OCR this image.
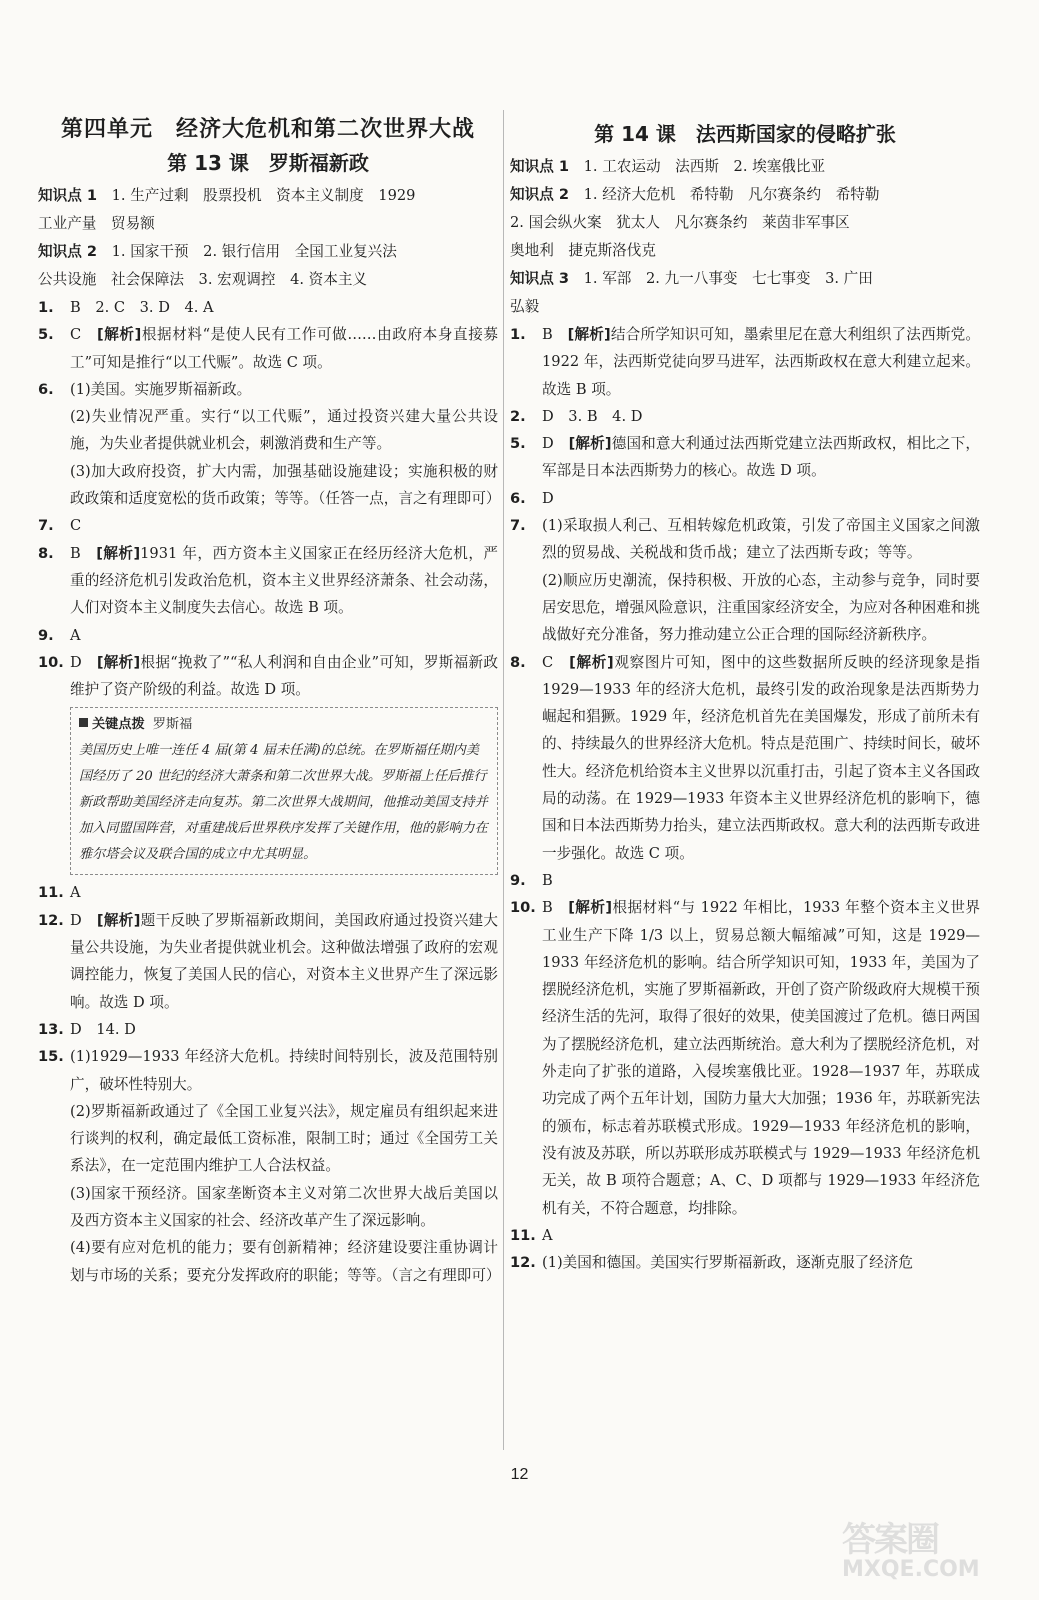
第四单元　经济大危机和第二次世界大战
第 13 课　罗斯福新政

知识点 1　 1. 生产过剩　股票投机　资本主义制度　1929
工业产量　贸易额

知识点 2　 1. 国家干预　2. 银行信用　全国工业复兴法
公共设施　社会保障法　3. 宏观调控　4. 资本主义

1.	B　2. C　3. D　4. A
5.	C　[解析]根据材料“是使人民有工作可做……由政府本身直接募工”可知是推行“以工代赈”。故选 C 项。
6.	(1)美国。实施罗斯福新政。
(2)失业情况严重。实行“以工代赈”，通过投资兴建大量公共设施，为失业者提供就业机会，刺激消费和生产等。
(3)加大政府投资，扩大内需，加强基础设施建设；实施积极的财政政策和适度宽松的货币政策；等等。（任答一点，言之有理即可）
7.	C
8.	B　[解析]1931 年，西方资本主义国家正在经历经济大危机，严重的经济危机引发政治危机，资本主义世界经济萧条、社会动荡，人们对资本主义制度失去信心。故选 B 项。
9.	A
10. D　[解析]根据“挽救了”“私人利润和自由企业”可知，罗斯福新政维护了资产阶级的利益。故选 D 项。
关键点拨 罗斯福
美国历史上唯一连任 4 届(第 4 届未任满)的总统。在罗斯福任期内美国经历了 20 世纪的经济大萧条和第二次世界大战。罗斯福上任后推行新政帮助美国经济走向复苏。第二次世界大战期间，他推动美国支持并加入同盟国阵营，对重建战后世界秩序发挥了关键作用，他的影响力在雅尔塔会议及联合国的成立中尤其明显。
11. A
12. D　[解析]题干反映了罗斯福新政期间，美国政府通过投资兴建大量公共设施，为失业者提供就业机会。这种做法增强了政府的宏观调控能力，恢复了美国人民的信心，对资本主义世界产生了深远影响。故选 D 项。
13. D　14. D
15. (1)1929—1933 年经济大危机。持续时间特别长，波及范围特别广，破坏性特别大。
(2)罗斯福新政通过了《全国工业复兴法》，规定雇员有组织起来进行谈判的权利，确定最低工资标准，限制工时；通过《全国劳工关系法》，在一定范围内维护工人合法权益。
(3)国家干预经济。国家垄断资本主义对第二次世界大战后美国以及西方资本主义国家的社会、经济改革产生了深远影响。
(4)要有应对危机的能力；要有创新精神；经济建设要注重协调计划与市场的关系；要充分发挥政府的职能；等等。（言之有理即可）
第 14 课　法西斯国家的侵略扩张

知识点 1　 1. 工农运动　法西斯　2. 埃塞俄比亚

知识点 2　 1. 经济大危机　希特勒　凡尔赛条约　希特勒
2. 国会纵火案　犹太人　凡尔赛条约　莱茵非军事区
奥地利　捷克斯洛伐克

知识点 3　 1. 军部　2. 九一八事变　七七事变　3. 广田
弘毅

1.	B　[解析]结合所学知识可知，墨索里尼在意大利组织了法西斯党。1922 年，法西斯党徒向罗马进军，法西斯政权在意大利建立起来。故选 B 项。
2.	D　3. B　4. D
5.	D　[解析]德国和意大利通过法西斯党建立法西斯政权，相比之下，军部是日本法西斯势力的核心。故选 D 项。
6.	D
7.	(1)采取损人利己、互相转嫁危机政策，引发了帝国主义国家之间激烈的贸易战、关税战和货币战；建立了法西斯专政；等等。
(2)顺应历史潮流，保持积极、开放的心态，主动参与竞争，同时要居安思危，增强风险意识，注重国家经济安全，为应对各种困难和挑战做好充分准备，努力推动建立公正合理的国际经济新秩序。
8.	C　[解析]观察图片可知，图中的这些数据所反映的经济现象是指 1929—1933 年的经济大危机，最终引发的政治现象是法西斯势力崛起和猖獗。1929 年，经济危机首先在美国爆发，形成了前所未有的、持续最久的世界经济大危机。特点是范围广、持续时间长，破坏性大。经济危机给资本主义世界以沉重打击，引起了资本主义各国政局的动荡。在 1929—1933 年资本主义世界经济危机的影响下，德国和日本法西斯势力抬头，建立法西斯政权。意大利的法西斯专政进一步强化。故选 C 项。
9.	B
10. B　[解析]根据材料“与 1922 年相比，1933 年整个资本主义世界工业生产下降 1/3 以上，贸易总额大幅缩减”可知，这是 1929—1933 年经济危机的影响。结合所学知识可知，1933 年，美国为了摆脱经济危机，实施了罗斯福新政，开创了资产阶级政府大规模干预经济生活的先河，取得了很好的效果，使美国渡过了危机。德日两国为了摆脱经济危机，建立法西斯统治。意大利为了摆脱经济危机，对外走向了扩张的道路，入侵埃塞俄比亚。1928—1937 年，苏联成功完成了两个五年计划，国防力量大大加强；1936 年，苏联新宪法的颁布，标志着苏联模式形成。1929—1933 年经济危机的影响，没有波及苏联，所以苏联形成苏联模式与 1929—1933 年经济危机无关，故 B 项符合题意；A、C、D 项都与 1929—1933 年经济危机有关，不符合题意，均排除。
11. A
12. (1)美国和德国。美国实行罗斯福新政，逐渐克服了经济危
12
答案圈
MXQE.COM
